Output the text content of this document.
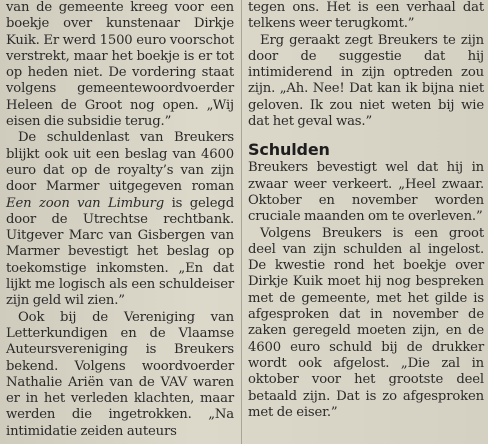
van de gemeente kreeg voor een boekje over kunstenaar Dirkje Kuik. Er werd 1500 euro voorschot verstrekt, maar het boekje is er tot op heden niet. De vordering staat volgens gemeentewoordvoerder Heleen de Groot nog open. „Wij eisen die subsidie terug.”

De schuldenlast van Breukers blijkt ook uit een beslag van 4600 euro dat op de royalty’s van zijn door Marmer uitgegeven roman Een zoon van Limburg is gelegd door de Utrechtse rechtbank. Uitgever Marc van Gisbergen van Marmer bevestigt het beslag op toekomstige inkomsten. „En dat lijkt me logisch als een schuldeiser zijn geld wil zien.”

Ook bij de Vereniging van Letterkundigen en de Vlaamse Auteursvereniging is Breukers bekend. Volgens woordvoerder Nathalie Ariën van de VAV waren er in het verleden klachten, maar werden die ingetrokken. „Na intimidatie zeiden auteurs

tegen ons. Het is een verhaal dat telkens weer terugkomt.”

Erg geraakt zegt Breukers te zijn door de suggestie dat hij intimiderend in zijn optreden zou zijn. „Ah. Nee! Dat kan ik bijna niet geloven. Ik zou niet weten bij wie dat het geval was.”

Schulden

Breukers bevestigt wel dat hij in zwaar weer verkeert. „Heel zwaar. Oktober en november worden cruciale maanden om te overleven.”

Volgens Breukers is een groot deel van zijn schulden al ingelost. De kwestie rond het boekje over Dirkje Kuik moet hij nog bespreken met de gemeente, met het gilde is afgesproken dat in november de zaken geregeld moeten zijn, en de 4600 euro schuld bij de drukker wordt ook afgelost. „Die zal in oktober voor het grootste deel betaald zijn. Dat is zo afgesproken met de eiser.”
